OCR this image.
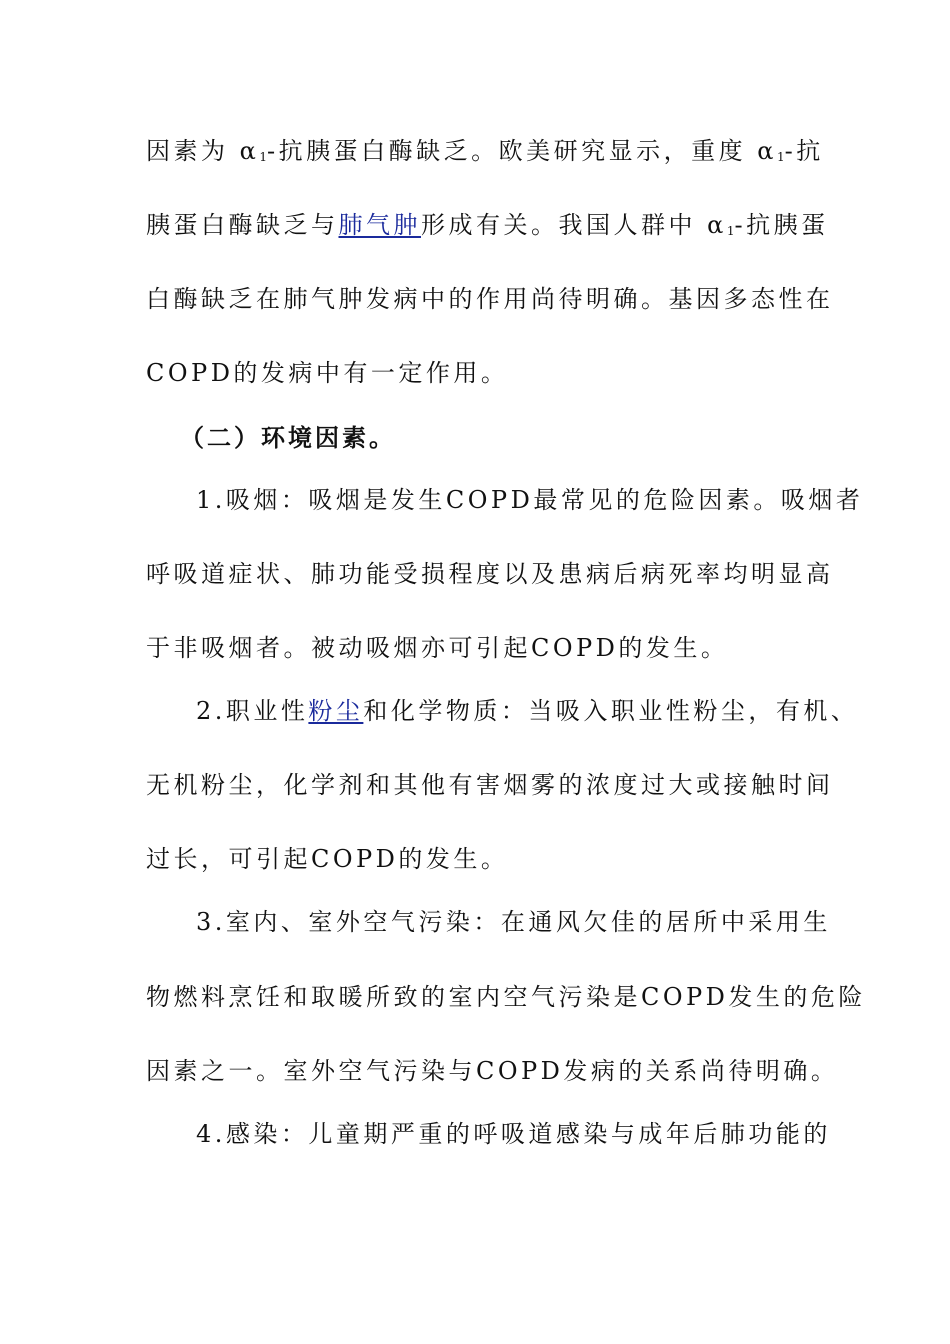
因素为 $\alpha_1-$抗胰蛋白酶缺乏。欧美研究显示，重度 $\alpha_1-$抗
胰蛋白酶缺乏与肺气肿形成有关。我国人群中 $\alpha_1-$抗胰蛋
白酶缺乏在肺气肿发病中的作用尚待明确。基因多态性在
COPD的发病中有一定作用。
（二）环境因素。
1.吸烟：吸烟是发生COPD最常见的危险因素。吸烟者
呼吸道症状、肺功能受损程度以及患病后病死率均明显高
于非吸烟者。被动吸烟亦可引起COPD的发生。
2.职业性粉尘和化学物质：当吸入职业性粉尘，有机、
无机粉尘，化学剂和其他有害烟雾的浓度过大或接触时间
过长，可引起COPD的发生。
3.室内、室外空气污染：在通风欠佳的居所中采用生
物燃料烹饪和取暖所致的室内空气污染是COPD发生的危险
因素之一。室外空气污染与COPD发病的关系尚待明确。
4.感染：儿童期严重的呼吸道感染与成年后肺功能的
